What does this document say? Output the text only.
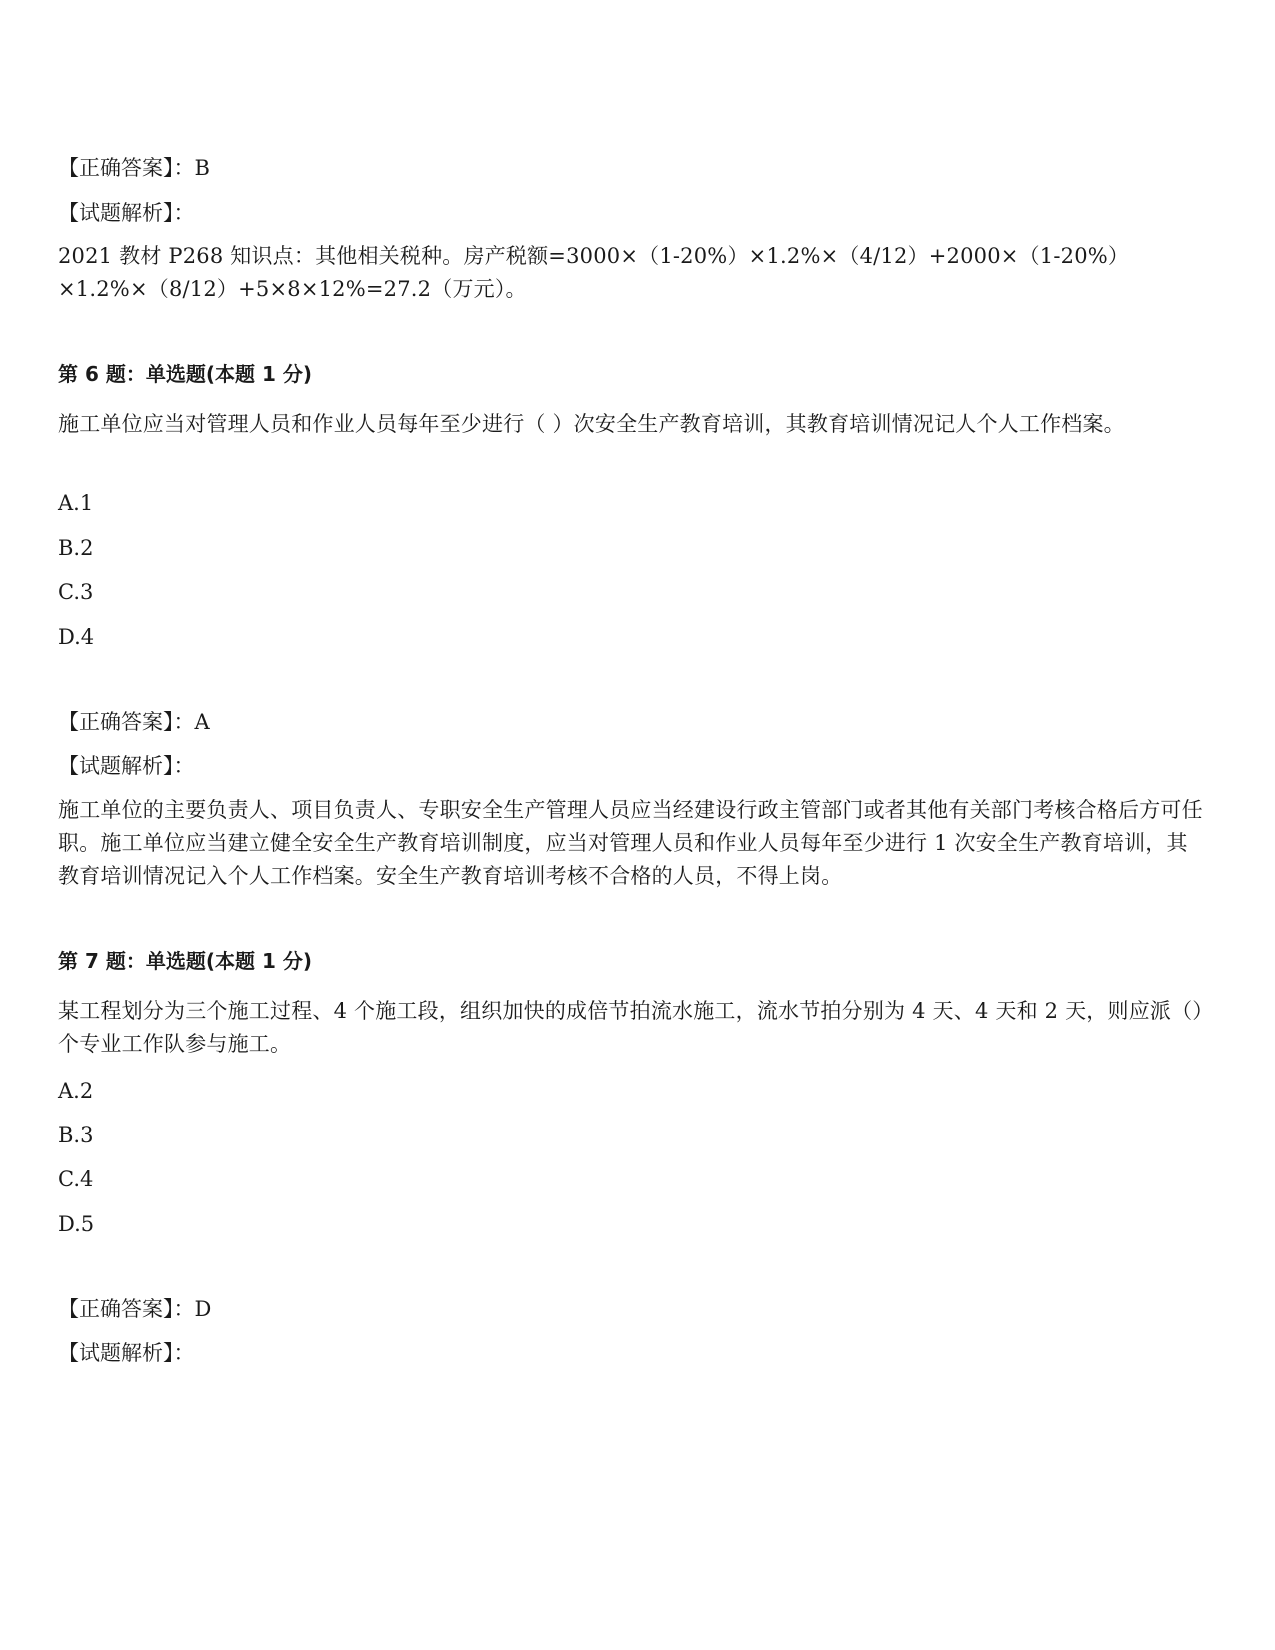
【正确答案】：B
【试题解析】：
2021 教材 P268 知识点：其他相关税种。房产税额=3000×（1-20%）×1.2%×（4/12）+2000×（1-20%）×1.2%×（8/12）+5×8×12%=27.2（万元）。
第 6 题：单选题(本题 1 分)
施工单位应当对管理人员和作业人员每年至少进行（ ）次安全生产教育培训，其教育培训情况记人个人工作档案。
A.1
B.2
C.3
D.4
【正确答案】：A
【试题解析】：
施工单位的主要负责人、项目负责人、专职安全生产管理人员应当经建设行政主管部门或者其他有关部门考核合格后方可任职。施工单位应当建立健全安全生产教育培训制度，应当对管理人员和作业人员每年至少进行 1 次安全生产教育培训，其教育培训情况记入个人工作档案。安全生产教育培训考核不合格的人员，不得上岗。
第 7 题：单选题(本题 1 分)
某工程划分为三个施工过程、4 个施工段，组织加快的成倍节拍流水施工，流水节拍分别为 4 天、4 天和 2 天，则应派（）个专业工作队参与施工。
A.2
B.3
C.4
D.5
【正确答案】：D
【试题解析】：
